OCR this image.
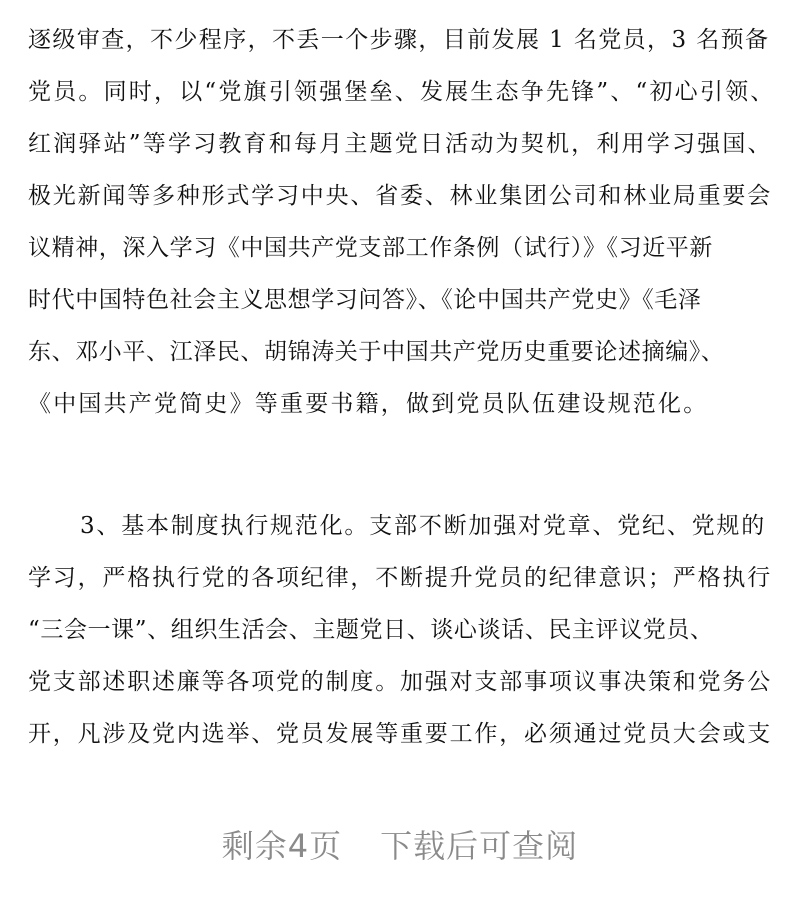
逐级审查，不少程序，不丢一个步骤，目前发展 1 名党员，3 名预备
党员。同时，以“党旗引领强堡垒、发展生态争先锋”、“初心引领、
红润驿站”等学习教育和每月主题党日活动为契机，利用学习强国、
极光新闻等多种形式学习中央、省委、林业集团公司和林业局重要会
议精神，深入学习《中国共产党支部工作条例（试行）》《习近平新
时代中国特色社会主义思想学习问答》、《论中国共产党史》《毛泽
东、邓小平、江泽民、胡锦涛关于中国共产党历史重要论述摘编》、
《中国共产党简史》等重要书籍，做到党员队伍建设规范化。
3、基本制度执行规范化。支部不断加强对党章、党纪、党规的
学习，严格执行党的各项纪律，不断提升党员的纪律意识；严格执行
“三会一课”、组织生活会、主题党日、谈心谈话、民主评议党员、
党支部述职述廉等各项党的制度。加强对支部事项议事决策和党务公
开，凡涉及党内选举、党员发展等重要工作，必须通过党员大会或支
剩余4页 下载后可查阅
